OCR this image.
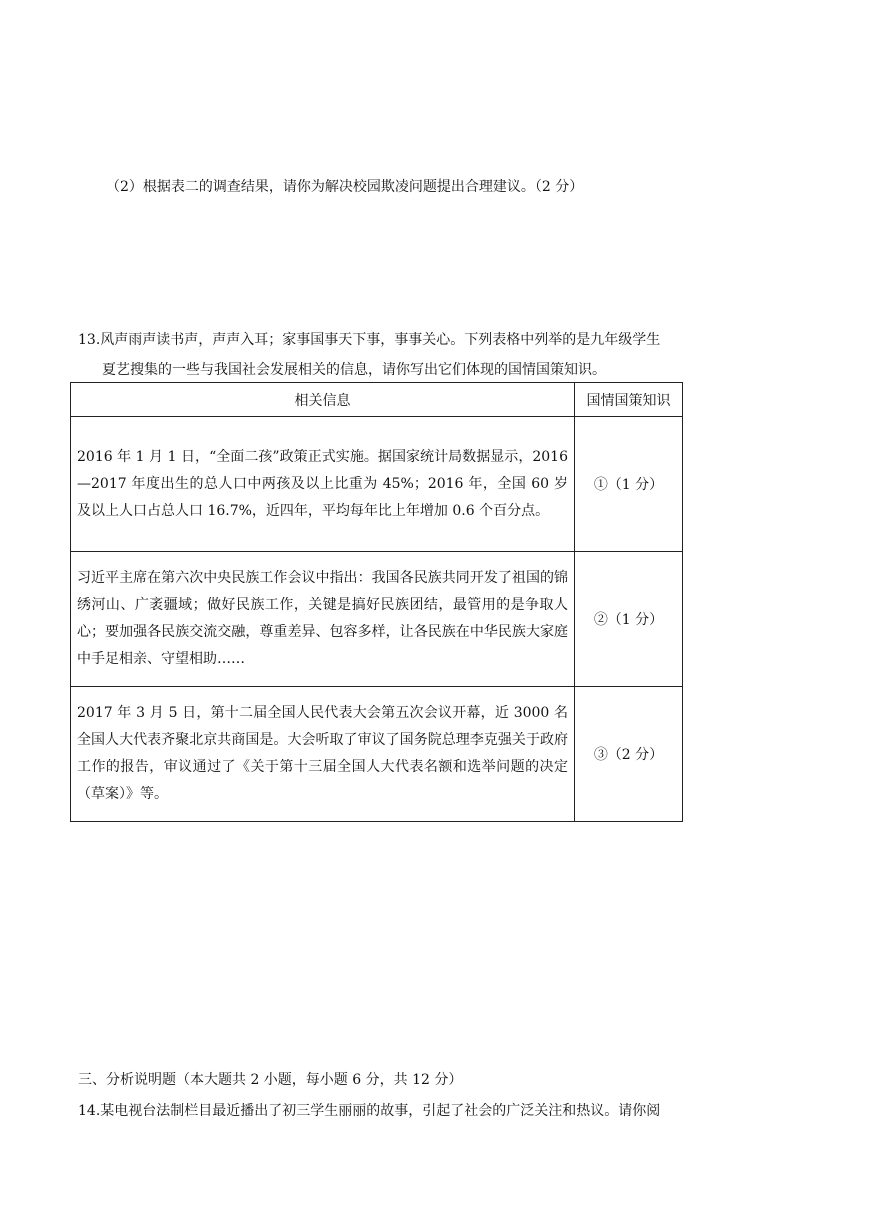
（2）根据表二的调查结果，请你为解决校园欺凌问题提出合理建议。（2 分）
13.风声雨声读书声，声声入耳；家事国事天下事，事事关心。下列表格中列举的是九年级学生
夏艺搜集的一些与我国社会发展相关的信息，请你写出它们体现的国情国策知识。
相关信息	国情国策知识
2016 年 1 月 1 日，“全面二孩”政策正式实施。据国家统计局数据显示，2016—2017 年度出生的总人口中两孩及以上比重为 45%；2016 年，全国 60 岁及以上人口占总人口 16.7%，近四年，平均每年比上年增加 0.6 个百分点。	①（1 分）
习近平主席在第六次中央民族工作会议中指出：我国各民族共同开发了祖国的锦绣河山、广袤疆域；做好民族工作，关键是搞好民族团结，最管用的是争取人心；要加强各民族交流交融，尊重差异、包容多样，让各民族在中华民族大家庭中手足相亲、守望相助……	②（1 分）
2017 年 3 月 5 日，第十二届全国人民代表大会第五次会议开幕，近 3000 名全国人大代表齐聚北京共商国是。大会听取了审议了国务院总理李克强关于政府工作的报告，审议通过了《关于第十三届全国人大代表名额和选举问题的决定（草案）》等。	③（2 分）
三、分析说明题（本大题共 2 小题，每小题 6 分，共 12 分）
14.某电视台法制栏目最近播出了初三学生丽丽的故事，引起了社会的广泛关注和热议。请你阅
